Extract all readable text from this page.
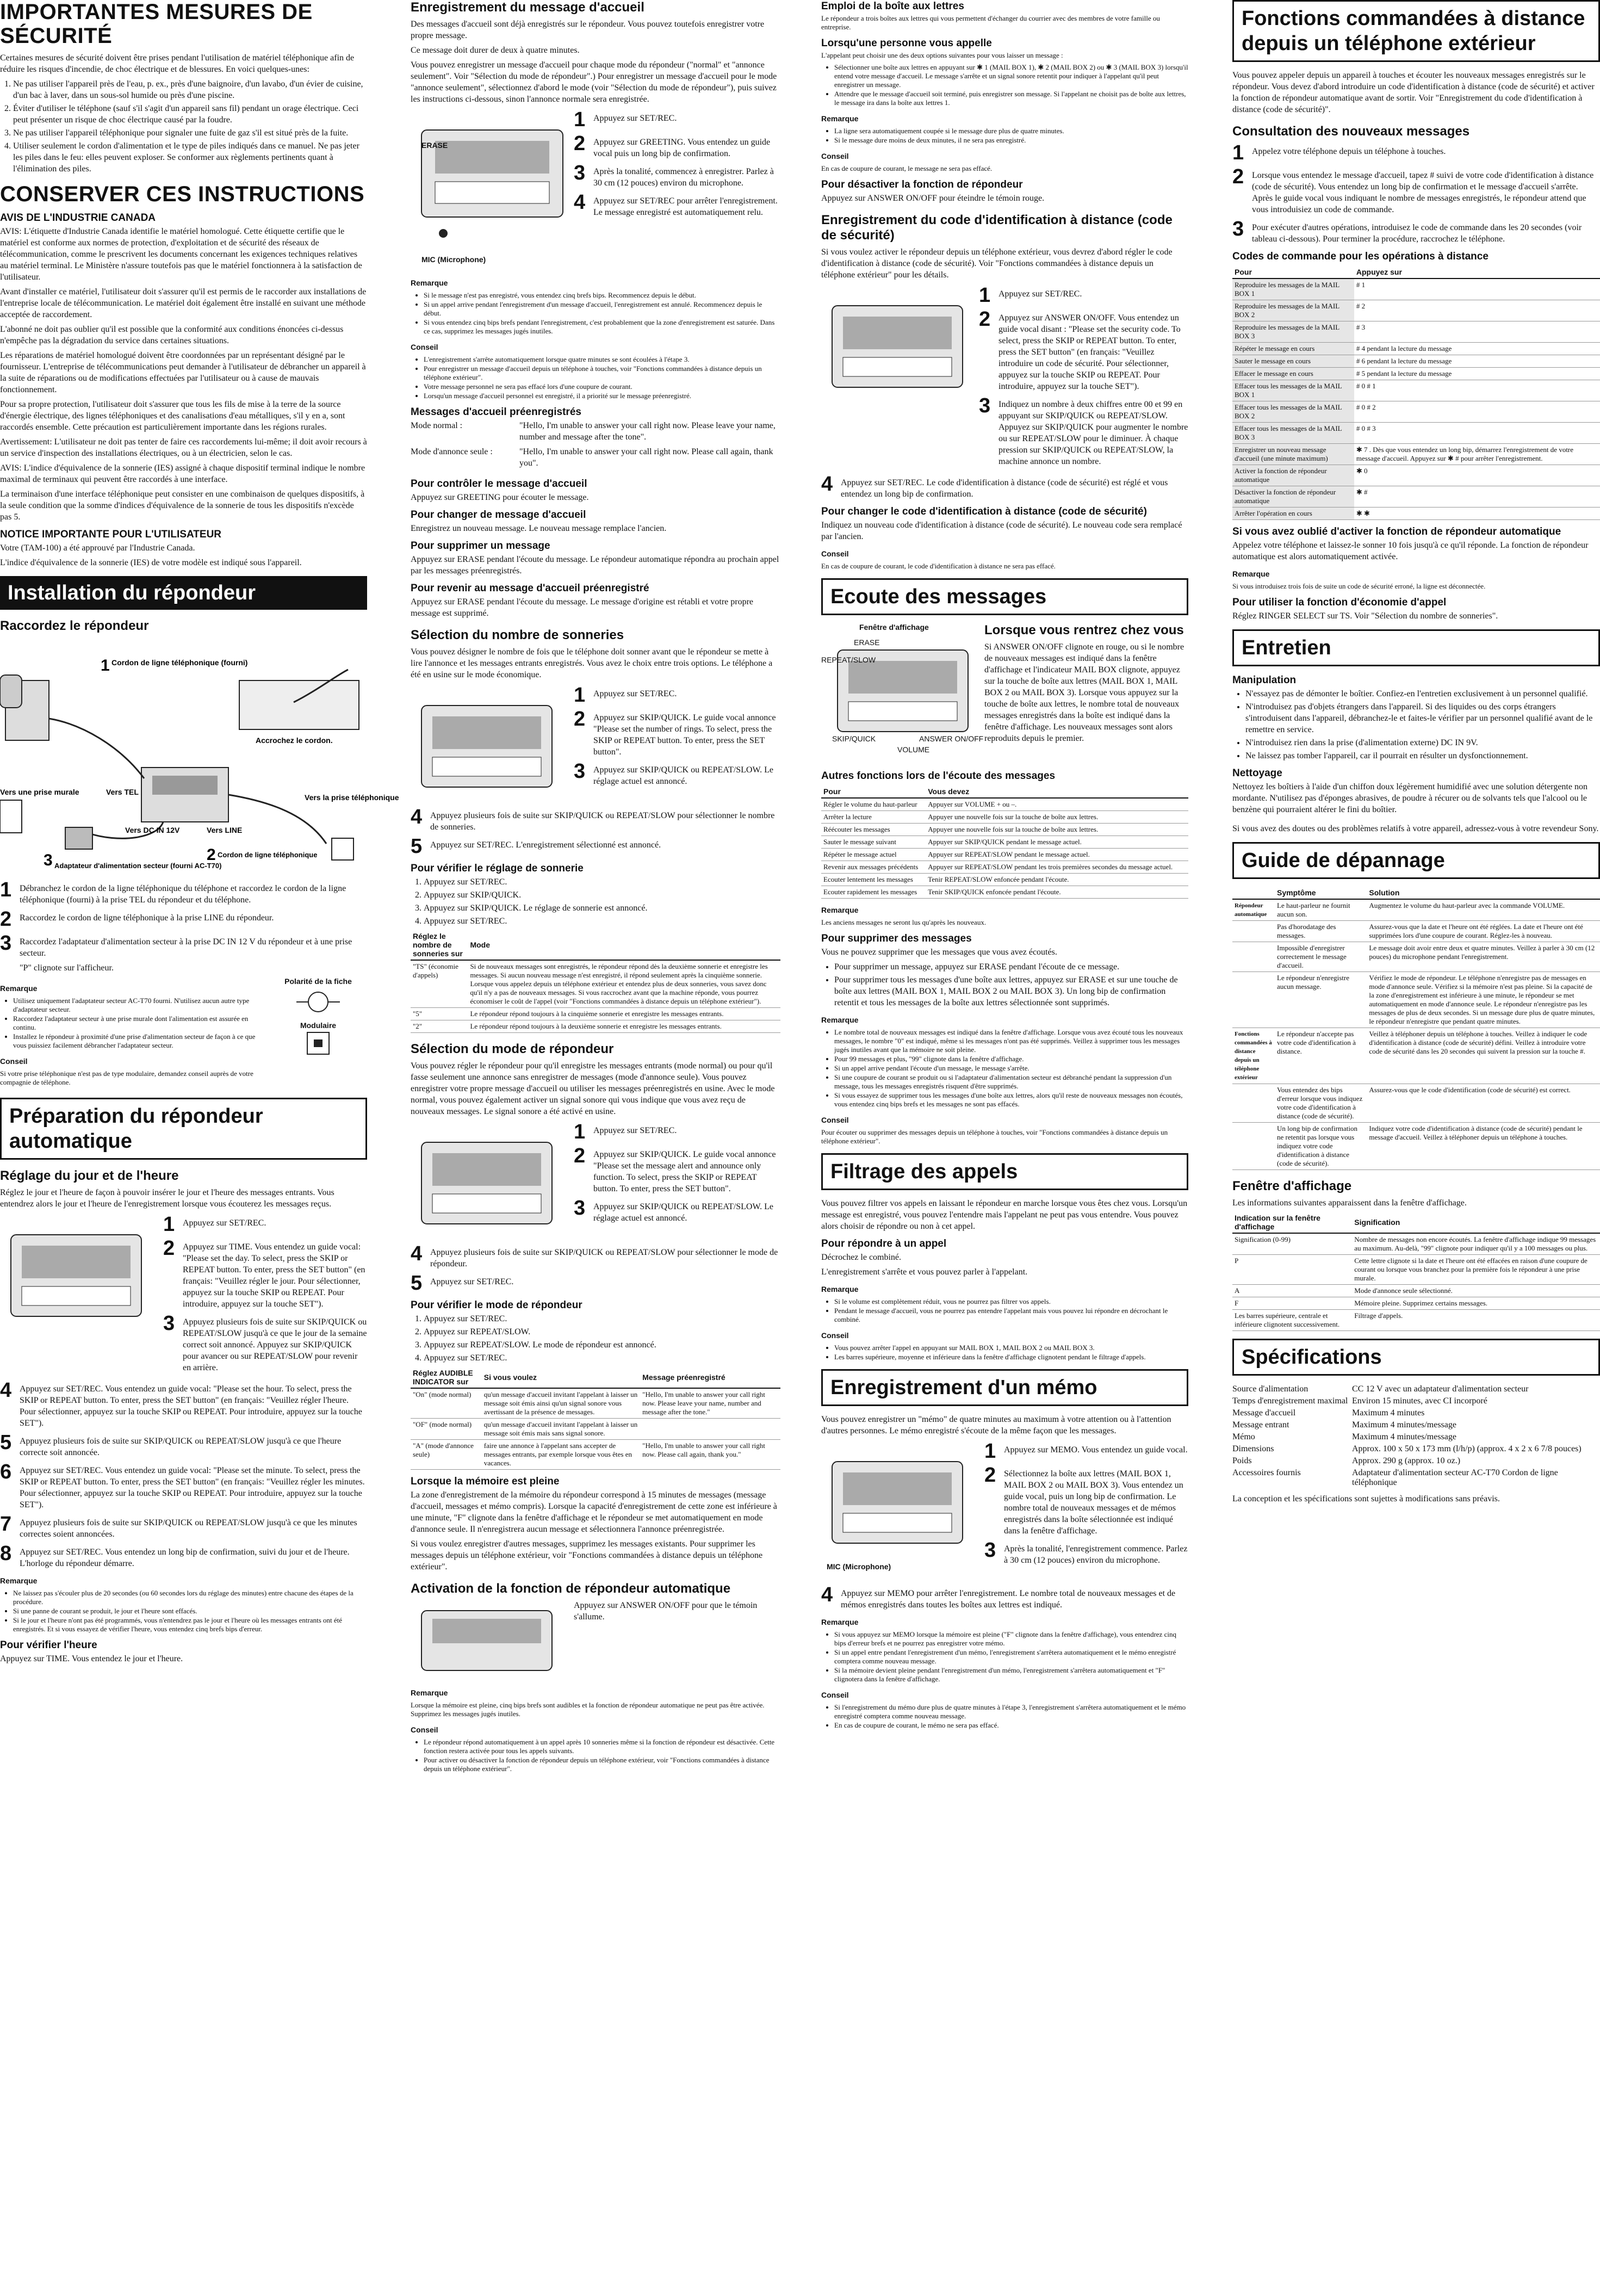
IMPORTANTES MESURES DE SÉCURITÉ

Certaines mesures de sécurité doivent être prises pendant l'utilisation de matériel téléphonique afin de réduire les risques d'incendie, de choc électrique et de blessures. En voici quelques-unes:

1. Ne pas utiliser l'appareil près de l'eau, p. ex., près d'une baignoire, d'un lavabo, d'un évier de cuisine, d'un bac à laver, dans un sous-sol humide ou près d'une piscine.
2. Éviter d'utiliser le téléphone (sauf s'il s'agit d'un appareil sans fil) pendant un orage électrique. Ceci peut présenter un risque de choc électrique causé par la foudre.
3. Ne pas utiliser l'appareil téléphonique pour signaler une fuite de gaz s'il est situé près de la fuite.
4. Utiliser seulement le cordon d'alimentation et le type de piles indiqués dans ce manuel. Ne pas jeter les piles dans le feu: elles peuvent exploser. Se conformer aux règlements pertinents quant à l'élimination des piles.
CONSERVER CES INSTRUCTIONS
AVIS DE L'INDUSTRIE CANADA

AVIS: L'étiquette d'Industrie Canada identifie le matériel homologué. Cette étiquette certifie que le matériel est conforme aux normes de protection, d'exploitation et de sécurité des réseaux de télécommunication, comme le prescrivent les documents concernant les exigences techniques relatives au matériel terminal. Le Ministère n'assure toutefois pas que le matériel fonctionnera à la satisfaction de l'utilisateur.

Avant d'installer ce matériel, l'utilisateur doit s'assurer qu'il est permis de le raccorder aux installations de l'entreprise locale de télécommunication. Le matériel doit également être installé en suivant une méthode acceptée de raccordement.

L'abonné ne doit pas oublier qu'il est possible que la conformité aux conditions énoncées ci-dessus n'empêche pas la dégradation du service dans certaines situations.

Les réparations de matériel homologué doivent être coordonnées par un représentant désigné par le fournisseur. L'entreprise de télécommunications peut demander à l'utilisateur de débrancher un appareil à la suite de réparations ou de modifications effectuées par l'utilisateur ou à cause de mauvais fonctionnement.

Pour sa propre protection, l'utilisateur doit s'assurer que tous les fils de mise à la terre de la source d'énergie électrique, des lignes téléphoniques et des canalisations d'eau métalliques, s'il y en a, sont raccordés ensemble. Cette précaution est particulièrement importante dans les régions rurales.

Avertissement: L'utilisateur ne doit pas tenter de faire ces raccordements lui-même; il doit avoir recours à un service d'inspection des installations électriques, ou à un électricien, selon le cas.

AVIS: L'indice d'équivalence de la sonnerie (IES) assigné à chaque dispositif terminal indique le nombre maximal de terminaux qui peuvent être raccordés à une interface.

La terminaison d'une interface téléphonique peut consister en une combinaison de quelques dispositifs, à la seule condition que la somme d'indices d'équivalence de la sonnerie de tous les dispositifs n'excède pas 5.

NOTICE IMPORTANTE POUR L'UTILISATEUR

Votre (TAM-100) a été approuvé par l'Industrie Canada.

L'indice d'équivalence de la sonnerie (IES) de votre modèle est indiqué sous l'appareil.

Installation du répondeur
Raccordez le répondeur
1 Cordon de ligne téléphonique (fourni)
Accrochez le cordon.
Vers une prise murale	Vers TEL
Vers DC IN 12V	Vers LINE
Vers la prise téléphonique
3 Adaptateur d'alimentation secteur (fourni AC-T70)
2 Cordon de ligne téléphonique
1 Débranchez le cordon de la ligne téléphonique du téléphone et raccordez le cordon de la ligne téléphonique (fourni) à la prise TEL du répondeur et du téléphone.
2 Raccordez le cordon de ligne téléphonique à la prise LINE du répondeur.
3 Raccordez l'adaptateur d'alimentation secteur à la prise DC IN 12 V du répondeur et à une prise secteur.

"P" clignote sur l'afficheur.

Remarque
• Utilisez uniquement l'adaptateur secteur AC-T70 fourni. N'utilisez aucun autre type d'adaptateur secteur.
• Raccordez l'adaptateur secteur à une prise murale dont l'alimentation est assurée en continu.
• Installez le répondeur à proximité d'une prise d'alimentation secteur de façon à ce que vous puissiez facilement débrancher l'adaptateur secteur.
Conseil

Si votre prise téléphonique n'est pas de type modulaire, demandez conseil auprès de votre compagnie de téléphone.

Polarité de la fiche
Modulaire
Préparation du répondeur automatique
Réglage du jour et de l'heure

Réglez le jour et l'heure de façon à pouvoir insérer le jour et l'heure des messages entrants. Vous entendrez alors le jour et l'heure de l'enregistrement lorsque vous écouterez les messages reçus.

1 Appuyez sur SET/REC.
2 Appuyez sur TIME. Vous entendez un guide vocal: "Please set the day. To select, press the SKIP or REPEAT button. To enter, press the SET button" (en français: "Veuillez régler le jour. Pour sélectionner, appuyez sur la touche SKIP ou REPEAT. Pour introduire, appuyez sur la touche SET").
3 Appuyez plusieurs fois de suite sur SKIP/QUICK ou REPEAT/SLOW jusqu'à ce que le jour de la semaine correct soit annoncé. Appuyez sur SKIP/QUICK pour avancer ou sur REPEAT/SLOW pour revenir en arrière.
4 Appuyez sur SET/REC. Vous entendez un guide vocal: "Please set the hour. To select, press the SKIP or REPEAT button. To enter, press the SET button" (en français: "Veuillez régler l'heure. Pour sélectionner, appuyez sur la touche SKIP ou REPEAT. Pour introduire, appuyez sur la touche SET").
5 Appuyez plusieurs fois de suite sur SKIP/QUICK ou REPEAT/SLOW jusqu'à ce que l'heure correcte soit annoncée.
6 Appuyez sur SET/REC. Vous entendez un guide vocal: "Please set the minute. To select, press the SKIP or REPEAT button. To enter, press the SET button" (en français: "Veuillez régler les minutes. Pour sélectionner, appuyez sur la touche SKIP ou REPEAT. Pour introduire, appuyez sur la touche SET").
7 Appuyez plusieurs fois de suite sur SKIP/QUICK ou REPEAT/SLOW jusqu'à ce que les minutes correctes soient annoncées.
8 Appuyez sur SET/REC. Vous entendez un long bip de confirmation, suivi du jour et de l'heure. L'horloge du répondeur démarre.
Remarque
• Ne laissez pas s'écouler plus de 20 secondes (ou 60 secondes lors du réglage des minutes) entre chacune des étapes de la procédure.
• Si une panne de courant se produit, le jour et l'heure sont effacés.
• Si le jour et l'heure n'ont pas été programmés, vous n'entendrez pas le jour et l'heure où les messages entrants ont été enregistrés. Et si vous essayez de vérifier l'heure, vous entendez cinq brefs bips d'erreur.
Pour vérifier l'heure

Appuyez sur TIME. Vous entendez le jour et l'heure.

Enregistrement du message d'accueil

Des messages d'accueil sont déjà enregistrés sur le répondeur. Vous pouvez toutefois enregistrer votre propre message.

Ce message doit durer de deux à quatre minutes.

Vous pouvez enregistrer un message d'accueil pour chaque mode du répondeur ("normal" et "annonce seulement". Voir "Sélection du mode de répondeur".) Pour enregistrer un message d'accueil pour le mode "annonce seulement", sélectionnez d'abord le mode (voir "Sélection du mode de répondeur"), puis suivez les instructions ci-dessous, sinon l'annonce normale sera enregistrée.

ERASE
MIC (Microphone)
1 Appuyez sur SET/REC.
2 Appuyez sur GREETING. Vous entendez un guide vocal puis un long bip de confirmation.
3 Après la tonalité, commencez à enregistrer. Parlez à 30 cm (12 pouces) environ du microphone.
4 Appuyez sur SET/REC pour arrêter l'enregistrement. Le message enregistré est automatiquement relu.
Remarque
• Si le message n'est pas enregistré, vous entendez cinq brefs bips. Recommencez depuis le début.
• Si un appel arrive pendant l'enregistrement d'un message d'accueil, l'enregistrement est annulé. Recommencez depuis le début.
• Si vous entendez cinq bips brefs pendant l'enregistrement, c'est probablement que la zone d'enregistrement est saturée. Dans ce cas, supprimez les messages jugés inutiles.
Conseil
• L'enregistrement s'arrête automatiquement lorsque quatre minutes se sont écoulées à l'étape 3.
• Pour enregistrer un message d'accueil depuis un téléphone à touches, voir "Fonctions commandées à distance depuis un téléphone extérieur".
• Votre message personnel ne sera pas effacé lors d'une coupure de courant.
• Lorsqu'un message d'accueil personnel est enregistré, il a priorité sur le message préenregistré.
Messages d'accueil préenregistrés

Mode normal :	"Hello, I'm unable to answer your call right now. Please leave your name, number and message after the tone".

Mode d'annonce seule :	"Hello, I'm unable to answer your call right now. Please call again, thank you".

Pour contrôler le message d'accueil

Appuyez sur GREETING pour écouter le message.

Pour changer de message d'accueil

Enregistrez un nouveau message. Le nouveau message remplace l'ancien.

Pour supprimer un message

Appuyez sur ERASE pendant l'écoute du message. Le répondeur automatique répondra au prochain appel par les messages préenregistrés.

Pour revenir au message d'accueil préenregistré

Appuyez sur ERASE pendant l'écoute du message. Le message d'origine est rétabli et votre propre message est supprimé.

Sélection du nombre de sonneries

Vous pouvez désigner le nombre de fois que le téléphone doit sonner avant que le répondeur se mette à lire l'annonce et les messages entrants enregistrés. Vous avez le choix entre trois options. Le téléphone a été en usine sur le mode économique.

1 Appuyez sur SET/REC.
2 Appuyez sur SKIP/QUICK. Le guide vocal annonce "Please set the number of rings. To select, press the SKIP or REPEAT button. To enter, press the SET button".
3 Appuyez sur SKIP/QUICK ou REPEAT/SLOW. Le réglage actuel est annoncé.
4 Appuyez plusieurs fois de suite sur SKIP/QUICK ou REPEAT/SLOW pour sélectionner le nombre de sonneries.
5 Appuyez sur SET/REC. L'enregistrement sélectionné est annoncé.
Pour vérifier le réglage de sonnerie
1. Appuyez sur SET/REC.
2. Appuyez sur SKIP/QUICK.
3. Appuyez sur SKIP/QUICK. Le réglage de sonnerie est annoncé.
4. Appuyez sur SET/REC.
Réglez le nombre de sonneries sur	Mode
"TS" (économie d'appels)	Si de nouveaux messages sont enregistrés, le répondeur répond dès la deuxième sonnerie et enregistre les messages. Si aucun nouveau message n'est enregistré, il répond seulement après la cinquième sonnerie. Lorsque vous appelez depuis un téléphone extérieur et entendez plus de deux sonneries, vous savez donc qu'il n'y a pas de nouveaux messages. Si vous raccrochez avant que la machine réponde, vous pourrez économiser le coût de l'appel (voir "Fonctions commandées à distance depuis un téléphone extérieur").
"5"	Le répondeur répond toujours à la cinquième sonnerie et enregistre les messages entrants.
"2"	Le répondeur répond toujours à la deuxième sonnerie et enregistre les messages entrants.
Sélection du mode de répondeur

Vous pouvez régler le répondeur pour qu'il enregistre les messages entrants (mode normal) ou pour qu'il fasse seulement une annonce sans enregistrer de messages (mode d'annonce seule). Vous pouvez enregistrer votre propre message d'accueil ou utiliser les messages préenregistrés en usine. Avec le mode normal, vous pouvez également activer un signal sonore qui vous indique que vous avez reçu de nouveaux messages. Le signal sonore a été activé en usine.

1 Appuyez sur SET/REC.
2 Appuyez sur SKIP/QUICK. Le guide vocal annonce "Please set the message alert and announce only function. To select, press the SKIP or REPEAT button. To enter, press the SET button".
3 Appuyez sur SKIP/QUICK ou REPEAT/SLOW. Le réglage actuel est annoncé.
4 Appuyez plusieurs fois de suite sur SKIP/QUICK ou REPEAT/SLOW pour sélectionner le mode de répondeur.
5 Appuyez sur SET/REC.
Pour vérifier le mode de répondeur
1. Appuyez sur SET/REC.
2. Appuyez sur REPEAT/SLOW.
3. Appuyez sur REPEAT/SLOW. Le mode de répondeur est annoncé.
4. Appuyez sur SET/REC.
Réglez AUDIBLE INDICATOR sur	Si vous voulez	Message préenregistré
"On" (mode normal)	qu'un message d'accueil invitant l'appelant à laisser un message soit émis ainsi qu'un signal sonore vous avertissant de la présence de messages.	"Hello, I'm unable to answer your call right now. Please leave your name, number and message after the tone."
"OF" (mode normal)	qu'un message d'accueil invitant l'appelant à laisser un message soit émis mais sans signal sonore.	
"A" (mode d'annonce seule)	faire une annonce à l'appelant sans accepter de messages entrants, par exemple lorsque vous êtes en vacances.	"Hello, I'm unable to answer your call right now. Please call again, thank you."
Lorsque la mémoire est pleine

La zone d'enregistrement de la mémoire du répondeur correspond à 15 minutes de messages (message d'accueil, messages et mémo compris). Lorsque la capacité d'enregistrement de cette zone est inférieure à une minute, "F" clignote dans la fenêtre d'affichage et le répondeur se met automatiquement en mode d'annonce seule. Il n'enregistrera aucun message et sélectionnera l'annonce préenregistrée.

Si vous voulez enregistrer d'autres messages, supprimez les messages existants. Pour supprimer les messages depuis un téléphone extérieur, voir "Fonctions commandées à distance depuis un téléphone extérieur".

Activation de la fonction de répondeur automatique

Appuyez sur ANSWER ON/OFF pour que le témoin s'allume.

Remarque

Lorsque la mémoire est pleine, cinq bips brefs sont audibles et la fonction de répondeur automatique ne peut pas être activée. Supprimez les messages jugés inutiles.

Conseil
• Le répondeur répond automatiquement à un appel après 10 sonneries même si la fonction de répondeur est désactivée. Cette fonction restera activée pour tous les appels suivants.
• Pour activer ou désactiver la fonction de répondeur depuis un téléphone extérieur, voir "Fonctions commandées à distance depuis un téléphone extérieur".
Emploi de la boîte aux lettres

Le répondeur a trois boîtes aux lettres qui vous permettent d'échanger du courrier avec des membres de votre famille ou entreprise.

Lorsqu'une personne vous appelle

L'appelant peut choisir une des deux options suivantes pour vous laisser un message :

• Sélectionner une boîte aux lettres en appuyant sur ✱ 1 (MAIL BOX 1), ✱ 2 (MAIL BOX 2) ou ✱ 3 (MAIL BOX 3) lorsqu'il entend votre message d'accueil. Le message s'arrête et un signal sonore retentit pour indiquer à l'appelant qu'il peut enregistrer un message.
• Attendre que le message d'accueil soit terminé, puis enregistrer son message. Si l'appelant ne choisit pas de boîte aux lettres, le message ira dans la boîte aux lettres 1.
Remarque
• La ligne sera automatiquement coupée si le message dure plus de quatre minutes.
• Si le message dure moins de deux minutes, il ne sera pas enregistré.
Conseil

En cas de coupure de courant, le message ne sera pas effacé.

Pour désactiver la fonction de répondeur

Appuyez sur ANSWER ON/OFF pour éteindre le témoin rouge.

Enregistrement du code d'identification à distance (code de sécurité)

Si vous voulez activer le répondeur depuis un téléphone extérieur, vous devrez d'abord régler le code d'identification à distance (code de sécurité). Voir "Fonctions commandées à distance depuis un téléphone extérieur" pour les détails.

1 Appuyez sur SET/REC.
2 Appuyez sur ANSWER ON/OFF. Vous entendez un guide vocal disant : "Please set the security code. To select, press the SKIP or REPEAT button. To enter, press the SET button" (en français: "Veuillez introduire un code de sécurité. Pour sélectionner, appuyez sur la touche SKIP ou REPEAT. Pour introduire, appuyez sur la touche SET").
3 Indiquez un nombre à deux chiffres entre 00 et 99 en appuyant sur SKIP/QUICK ou REPEAT/SLOW. Appuyez sur SKIP/QUICK pour augmenter le nombre ou sur REPEAT/SLOW pour le diminuer. À chaque pression sur SKIP/QUICK ou REPEAT/SLOW, la machine annonce un nombre.
4 Appuyez sur SET/REC. Le code d'identification à distance (code de sécurité) est réglé et vous entendez un long bip de confirmation.
Pour changer le code d'identification à distance (code de sécurité)

Indiquez un nouveau code d'identification à distance (code de sécurité). Le nouveau code sera remplacé par l'ancien.

Conseil

En cas de coupure de courant, le code d'identification à distance ne sera pas effacé.

Ecoute des messages
Fenêtre d'affichage
ERASE
REPEAT/SLOW
SKIP/QUICK
VOLUME
ANSWER ON/OFF
Lorsque vous rentrez chez vous

Si ANSWER ON/OFF clignote en rouge, ou si le nombre de nouveaux messages est indiqué dans la fenêtre d'affichage et l'indicateur MAIL BOX clignote, appuyez sur la touche de boîte aux lettres (MAIL BOX 1, MAIL BOX 2 ou MAIL BOX 3). Lorsque vous appuyez sur la touche de boîte aux lettres, le nombre total de nouveaux messages enregistrés dans la boîte est indiqué dans la fenêtre d'affichage. Les nouveaux messages sont alors reproduits depuis le premier.

Autres fonctions lors de l'écoute des messages
Pour	Vous devez
Régler le volume du haut-parleur	Appuyer sur VOLUME + ou –.
Arrêter la lecture	Appuyer une nouvelle fois sur la touche de boîte aux lettres.
Réécouter les messages	Appuyer une nouvelle fois sur la touche de boîte aux lettres.
Sauter le message suivant	Appuyer sur SKIP/QUICK pendant le message actuel.
Répéter le message actuel	Appuyer sur REPEAT/SLOW pendant le message actuel.
Revenir aux messages précédents	Appuyer sur REPEAT/SLOW pendant les trois premières secondes du message actuel.
Ecouter lentement les messages	Tenir REPEAT/SLOW enfoncée pendant l'écoute.
Ecouter rapidement les messages	Tenir SKIP/QUICK enfoncée pendant l'écoute.
Remarque

Les anciens messages ne seront lus qu'après les nouveaux.

Pour supprimer des messages

Vous ne pouvez supprimer que les messages que vous avez écoutés.

• Pour supprimer un message, appuyez sur ERASE pendant l'écoute de ce message.
• Pour supprimer tous les messages d'une boîte aux lettres, appuyez sur ERASE et sur une touche de boîte aux lettres (MAIL BOX 1, MAIL BOX 2 ou MAIL BOX 3). Un long bip de confirmation retentit et tous les messages de la boîte aux lettres sélectionnée sont supprimés.
Remarque
• Le nombre total de nouveaux messages est indiqué dans la fenêtre d'affichage. Lorsque vous avez écouté tous les nouveaux messages, le nombre "0" est indiqué, même si les messages n'ont pas été supprimés. Veillez à supprimer tous les messages jugés inutiles avant que la mémoire ne soit pleine.
• Pour 99 messages et plus, "99" clignote dans la fenêtre d'affichage.
• Si un appel arrive pendant l'écoute d'un message, le message s'arrête.
• Si une coupure de courant se produit ou si l'adaptateur d'alimentation secteur est débranché pendant la suppression d'un message, tous les messages enregistrés risquent d'être supprimés.
• Si vous essayez de supprimer tous les messages d'une boîte aux lettres, alors qu'il reste de nouveaux messages non écoutés, vous entendez cinq bips brefs et les messages ne sont pas effacés.
Conseil

Pour écouter ou supprimer des messages depuis un téléphone à touches, voir "Fonctions commandées à distance depuis un téléphone extérieur".

Filtrage des appels

Vous pouvez filtrer vos appels en laissant le répondeur en marche lorsque vous êtes chez vous. Lorsqu'un message est enregistré, vous pouvez l'entendre mais l'appelant ne peut pas vous entendre. Vous pouvez alors choisir de répondre ou non à cet appel.

Pour répondre à un appel

Décrochez le combiné.

L'enregistrement s'arrête et vous pouvez parler à l'appelant.

Remarque
• Si le volume est complètement réduit, vous ne pourrez pas filtrer vos appels.
• Pendant le message d'accueil, vous ne pourrez pas entendre l'appelant mais vous pouvez lui répondre en décrochant le combiné.
Conseil
• Vous pouvez arrêter l'appel en appuyant sur MAIL BOX 1, MAIL BOX 2 ou MAIL BOX 3.
• Les barres supérieure, moyenne et inférieure dans la fenêtre d'affichage clignotent pendant le filtrage d'appels.
Enregistrement d'un mémo

Vous pouvez enregistrer un "mémo" de quatre minutes au maximum à votre attention ou à l'attention d'autres personnes. Le mémo enregistré s'écoute de la même façon que les messages.

MIC (Microphone)
1 Appuyez sur MEMO. Vous entendez un guide vocal.
2 Sélectionnez la boîte aux lettres (MAIL BOX 1, MAIL BOX 2 ou MAIL BOX 3). Vous entendez un guide vocal, puis un long bip de confirmation. Le nombre total de nouveaux messages et de mémos enregistrés dans la boîte sélectionnée est indiqué dans la fenêtre d'affichage.
3 Après la tonalité, l'enregistrement commence. Parlez à 30 cm (12 pouces) environ du microphone.
4 Appuyez sur MEMO pour arrêter l'enregistrement. Le nombre total de nouveaux messages et de mémos enregistrés dans toutes les boîtes aux lettres est indiqué.
Remarque
• Si vous appuyez sur MEMO lorsque la mémoire est pleine ("F" clignote dans la fenêtre d'affichage), vous entendrez cinq bips d'erreur brefs et ne pourrez pas enregistrer votre mémo.
• Si un appel entre pendant l'enregistrement d'un mémo, l'enregistrement s'arrêtera automatiquement et le mémo enregistré comptera comme nouveau message.
• Si la mémoire devient pleine pendant l'enregistrement d'un mémo, l'enregistrement s'arrêtera automatiquement et "F" clignotera dans la fenêtre d'affichage.
Conseil
• Si l'enregistrement du mémo dure plus de quatre minutes à l'étape 3, l'enregistrement s'arrêtera automatiquement et le mémo enregistré comptera comme nouveau message.
• En cas de coupure de courant, le mémo ne sera pas effacé.
Fonctions commandées à distance depuis un téléphone extérieur

Vous pouvez appeler depuis un appareil à touches et écouter les nouveaux messages enregistrés sur le répondeur. Vous devez d'abord introduire un code d'identification à distance (code de sécurité) et activer la fonction de répondeur automatique avant de sortir. Voir "Enregistrement du code d'identification à distance (code de sécurité)".

Consultation des nouveaux messages
1 Appelez votre téléphone depuis un téléphone à touches.
2 Lorsque vous entendez le message d'accueil, tapez # suivi de votre code d'identification à distance (code de sécurité). Vous entendez un long bip de confirmation et le message d'accueil s'arrête. Après le guide vocal vous indiquant le nombre de messages enregistrés, le répondeur attend que vous introduisiez un code de commande.
3 Pour exécuter d'autres opérations, introduisez le code de commande dans les 20 secondes (voir tableau ci-dessous). Pour terminer la procédure, raccrochez le téléphone.
Codes de commande pour les opérations à distance
Pour	Appuyez sur
Reproduire les messages de la MAIL BOX 1	# 1
Reproduire les messages de la MAIL BOX 2	# 2
Reproduire les messages de la MAIL BOX 3	# 3
Répéter le message en cours	# 4 pendant la lecture du message
Sauter le message en cours	# 6 pendant la lecture du message
Effacer le message en cours	# 5 pendant la lecture du message
Effacer tous les messages de la MAIL BOX 1	# 0 # 1
Effacer tous les messages de la MAIL BOX 2	# 0 # 2
Effacer tous les messages de la MAIL BOX 3	# 0 # 3
Enregistrer un nouveau message d'accueil (une minute maximum)	✱ 7 . Dès que vous entendez un long bip, démarrez l'enregistrement de votre message d'accueil. Appuyez sur ✱ # pour arrêter l'enregistrement.
Activer la fonction de répondeur automatique	✱ 0
Désactiver la fonction de répondeur automatique	✱ #
Arrêter l'opération en cours	✱ ✱
Si vous avez oublié d'activer la fonction de répondeur automatique

Appelez votre téléphone et laissez-le sonner 10 fois jusqu'à ce qu'il réponde. La fonction de répondeur automatique est alors automatiquement activée.

Remarque

Si vous introduisez trois fois de suite un code de sécurité erroné, la ligne est déconnectée.

Pour utiliser la fonction d'économie d'appel

Réglez RINGER SELECT sur TS. Voir "Sélection du nombre de sonneries".

Entretien
Manipulation
• N'essayez pas de démonter le boîtier. Confiez-en l'entretien exclusivement à un personnel qualifié.
• N'introduisez pas d'objets étrangers dans l'appareil. Si des liquides ou des corps étrangers s'introduisent dans l'appareil, débranchez-le et faites-le vérifier par un personnel qualifié avant de le remettre en service.
• N'introduisez rien dans la prise (d'alimentation externe) DC IN 9V.
• Ne laissez pas tomber l'appareil, car il pourrait en résulter un dysfonctionnement.
Nettoyage

Nettoyez les boîtiers à l'aide d'un chiffon doux légèrement humidifié avec une solution détergente non mordante. N'utilisez pas d'éponges abrasives, de poudre à récurer ou de solvants tels que l'alcool ou le benzène qui pourraient altérer le fini du boîtier.

Si vous avez des doutes ou des problèmes relatifs à votre appareil, adressez-vous à votre revendeur Sony.

Guide de dépannage
	Symptôme	Solution
Répondeur automatique	Le haut-parleur ne fournit aucun son.	Augmentez le volume du haut-parleur avec la commande VOLUME.
	Pas d'horodatage des messages.	Assurez-vous que la date et l'heure ont été réglées. La date et l'heure ont été supprimées lors d'une coupure de courant. Réglez-les à nouveau.
	Impossible d'enregistrer correctement le message d'accueil.	Le message doit avoir entre deux et quatre minutes. Veillez à parler à 30 cm (12 pouces) du microphone pendant l'enregistrement.
	Le répondeur n'enregistre aucun message.	Vérifiez le mode de répondeur. Le téléphone n'enregistre pas de messages en mode d'annonce seule. Vérifiez si la mémoire n'est pas pleine. Si la capacité de la zone d'enregistrement est inférieure à une minute, le répondeur se met automatiquement en mode d'annonce seule. Le répondeur n'enregistre pas les messages de plus de deux secondes. Si un message dure plus de quatre minutes, le répondeur n'enregistre que pendant quatre minutes.
Fonctions commandées à distance depuis un téléphone extérieur	Le répondeur n'accepte pas votre code d'identification à distance.	Veillez à téléphoner depuis un téléphone à touches. Veillez à indiquer le code d'identification à distance (code de sécurité) défini. Veillez à introduire votre code de sécurité dans les 20 secondes qui suivent la pression sur la touche #.
	Vous entendez des bips d'erreur lorsque vous indiquez votre code d'identification à distance (code de sécurité).	Assurez-vous que le code d'identification (code de sécurité) est correct.
	Un long bip de confirmation ne retentit pas lorsque vous indiquez votre code d'identification à distance (code de sécurité).	Indiquez votre code d'identification à distance (code de sécurité) pendant le message d'accueil. Veillez à téléphoner depuis un téléphone à touches.
Fenêtre d'affichage

Les informations suivantes apparaissent dans la fenêtre d'affichage.

Indication sur la fenêtre d'affichage	Signification
Signification (0-99)	Nombre de messages non encore écoutés. La fenêtre d'affichage indique 99 messages au maximum. Au-delà, "99" clignote pour indiquer qu'il y a 100 messages ou plus.
P	Cette lettre clignote si la date et l'heure ont été effacées en raison d'une coupure de courant ou lorsque vous branchez pour la première fois le répondeur à une prise murale.
A	Mode d'annonce seule sélectionné.
F	Mémoire pleine. Supprimez certains messages.
Les barres supérieure, centrale et inférieure clignotent successivement.	Filtrage d'appels.
Spécifications
Source d'alimentation	CC 12 V avec un adaptateur d'alimentation secteur
Temps d'enregistrement maximal	Environ 15 minutes, avec CI incorporé
Message d'accueil	Maximum 4 minutes
Message entrant	Maximum 4 minutes/message
Mémo	Maximum 4 minutes/message
Dimensions	Approx. 100 x 50 x 173 mm (l/h/p) (approx. 4 x 2 x 6 7/8 pouces)
Poids	Approx. 290 g (approx. 10 oz.)
Accessoires fournis	Adaptateur d'alimentation secteur AC-T70 Cordon de ligne téléphonique

La conception et les spécifications sont sujettes à modifications sans préavis.
